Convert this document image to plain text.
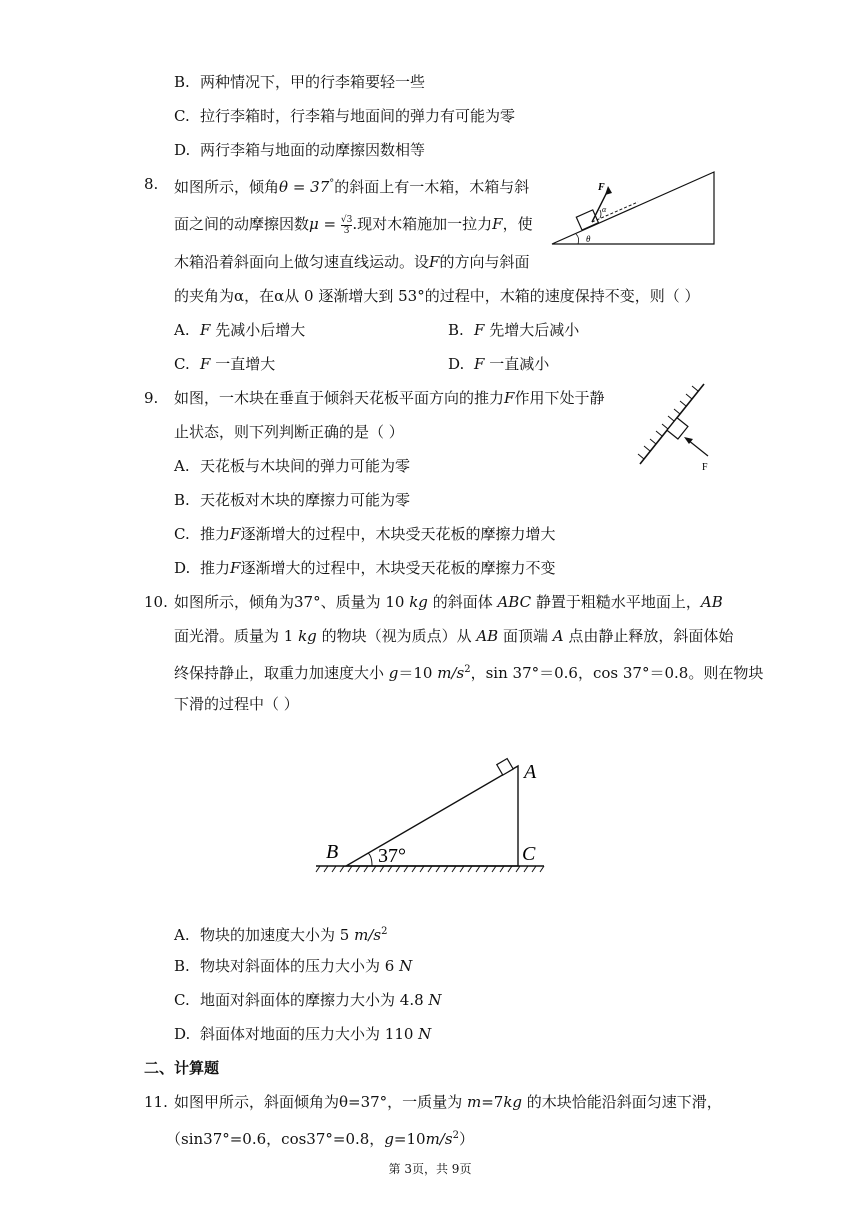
B. 两种情况下，甲的行李箱要轻一些
C. 拉行李箱时，行李箱与地面间的弹力有可能为零
D. 两行李箱与地面的动摩擦因数相等
8. 如图所示，倾角θ = 37°的斜面上有一木箱，木箱与斜
面之间的动摩擦因数$\mu = \frac{√3}{3}$ .现对木箱施加一拉力F，使
木箱沿着斜面向上做匀速直线运动。设F的方向与斜面
的夹角为α，在α从 0 逐渐增大到 53°的过程中，木箱的速度保持不变，则（ ）
A. F 先减小后增大	B. F 先增大后减小
C. F 一直增大	D. F 一直减小
F
α
θ
9. 如图，一木块在垂直于倾斜天花板平面方向的推力F作用下处于静
止状态，则下列判断正确的是（ ）
A. 天花板与木块间的弹力可能为零
B. 天花板对木块的摩擦力可能为零
C. 推力F逐渐增大的过程中，木块受天花板的摩擦力增大
D. 推力F逐渐增大的过程中，木块受天花板的摩擦力不变
F
10. 如图所示，倾角为37°、质量为 10 kg 的斜面体 ABC 静置于粗糙水平地面上，AB
面光滑。质量为 1 kg 的物块（视为质点）从 AB 面顶端 A 点由静止释放，斜面体始
终保持静止，取重力加速度大小 g＝10 $m/s^2$，sin 37°＝0.6，cos 37°＝0.8。则在物块
下滑的过程中（ ）
B 37°
A
C
A. 物块的加速度大小为 5 $m/s^2$
B. 物块对斜面体的压力大小为 6 N
C. 地面对斜面体的摩擦力大小为 4.8 N
D. 斜面体对地面的压力大小为 110 N
二、计算题
11. 如图甲所示，斜面倾角为θ=37°，一质量为 m=7kg 的木块恰能沿斜面匀速下滑，
（sin37°=0.6，cos37°=0.8，$g=10m/s^2$）
第 3页，共 9页
